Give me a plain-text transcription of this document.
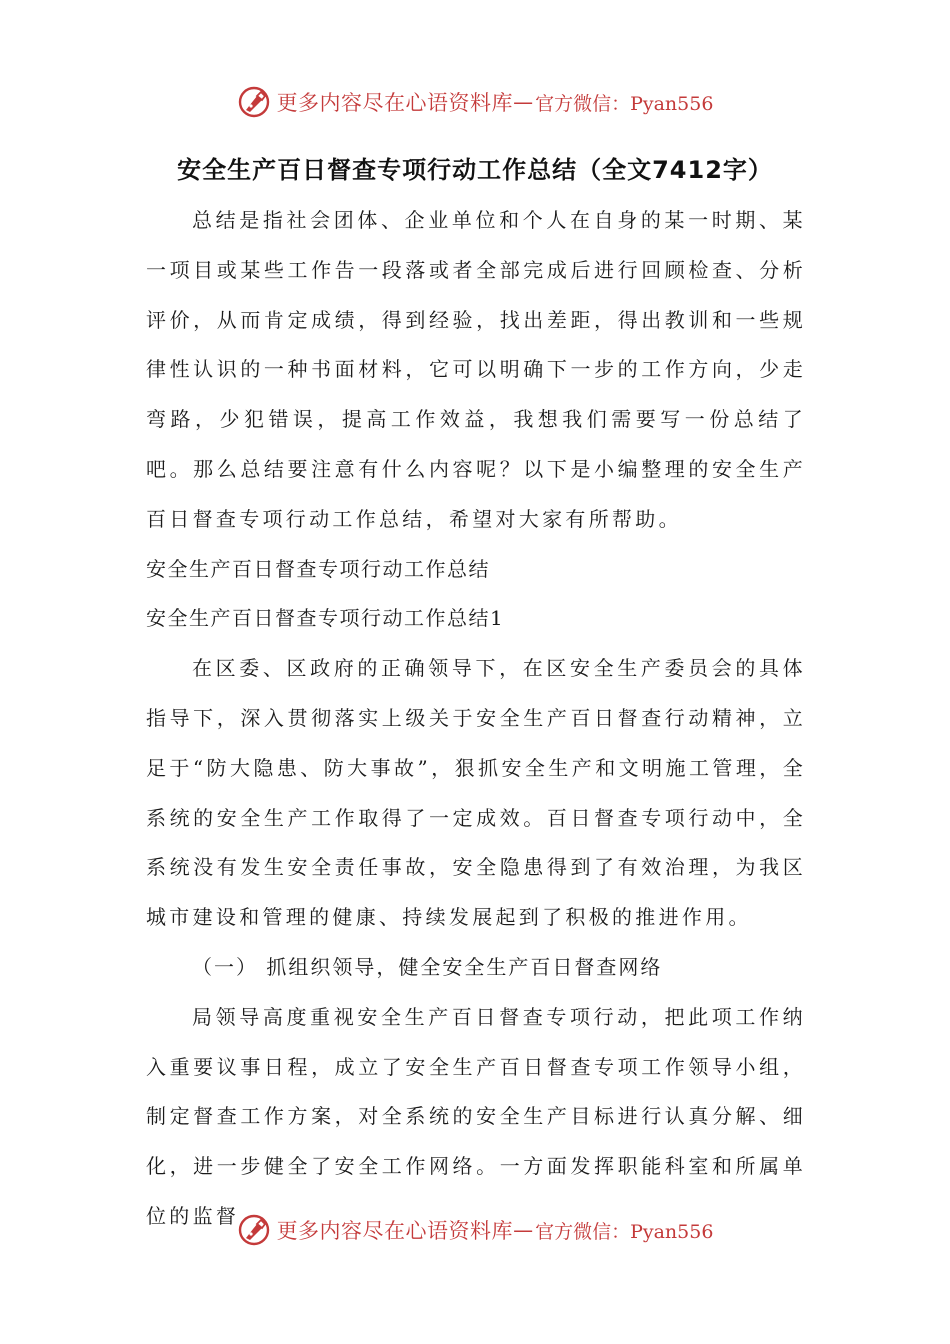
更多内容尽在心语资料库 — 官方微信：Pyan556
安全生产百日督查专项行动工作总结（全文7412字）

总结是指社会团体、企业单位和个人在自身的某一时期、某一项目或某些工作告一段落或者全部完成后进行回顾检查、分析评价，从而肯定成绩，得到经验，找出差距，得出教训和一些规律性认识的一种书面材料，它可以明确下一步的工作方向，少走弯路，少犯错误，提高工作效益，我想我们需要写一份总结了吧。那么总结要注意有什么内容呢？以下是小编整理的安全生产百日督查专项行动工作总结，希望对大家有所帮助。

安全生产百日督查专项行动工作总结

安全生产百日督查专项行动工作总结1

在区委、区政府的正确领导下，在区安全生产委员会的具体指导下，深入贯彻落实上级关于安全生产百日督查行动精神，立足于“防大隐患、防大事故”，狠抓安全生产和文明施工管理，全系统的安全生产工作取得了一定成效。百日督查专项行动中，全系统没有发生安全责任事故，安全隐患得到了有效治理，为我区城市建设和管理的健康、持续发展起到了积极的推进作用。

（一） 抓组织领导，健全安全生产百日督查网络

局领导高度重视安全生产百日督查专项行动，把此项工作纳入重要议事日程，成立了安全生产百日督查专项工作领导小组，制定督查工作方案，对全系统的安全生产目标进行认真分解、细化，进一步健全了安全工作网络。一方面发挥职能科室和所属单位的监督

更多内容尽在心语资料库 — 官方微信：Pyan556
